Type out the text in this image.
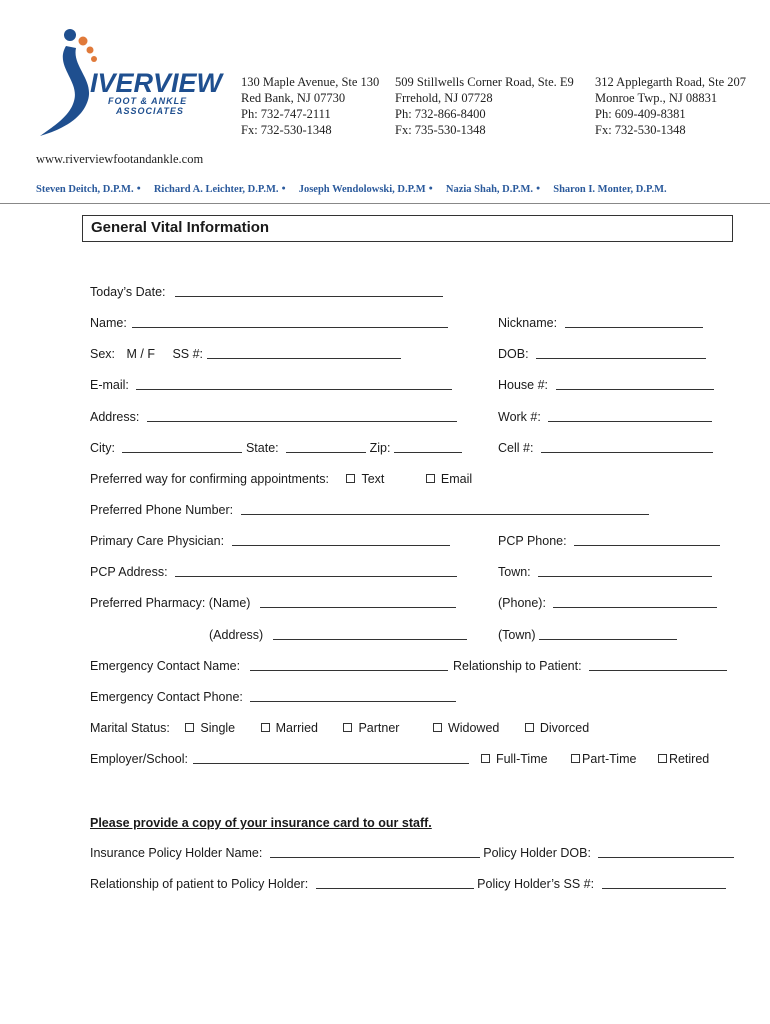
IVERVIEW
FOOT & ANKLE
ASSOCIATES
130 Maple Avenue, Ste 130
Red Bank, NJ 07730
Ph: 732-747-2111
Fx: 732-530-1348
509 Stillwells Corner Road, Ste. E9
Frrehold, NJ 07728
Ph: 732-866-8400
Fx: 735-530-1348
312 Applegarth Road, Ste 207
Monroe Twp., NJ 08831
Ph: 609-409-8381
Fx: 732-530-1348
www.riverviewfootandankle.com
Steven Deitch, D.P.M. ● Richard A. Leichter, D.P.M. ● Joseph Wendolowski, D.P.M ● Nazia Shah, D.P.M. ● Sharon I. Monter, D.P.M.
General Vital Information
Today’s Date:
Name:	Nickname:
Sex: M / F SS #:	DOB:
E-mail:	House #:
Address:	Work #:
City:	State:	Zip:	Cell #:
Preferred way for confirming appointments:	Text	Email
Preferred Phone Number:
Primary Care Physician:	PCP Phone:
PCP Address:	Town:
Preferred Pharmacy: (Name)	(Phone):
(Address)	(Town)
Emergency Contact Name:	Relationship to Patient:
Emergency Contact Phone:
Marital Status: Single	Married	Partner	Widowed	Divorced
Employer/School:	Full-Time	Part-Time	Retired
Please provide a copy of your insurance card to our staff.
Insurance Policy Holder Name:	Policy Holder DOB:
Relationship of patient to Policy Holder:	Policy Holder’s SS #:
